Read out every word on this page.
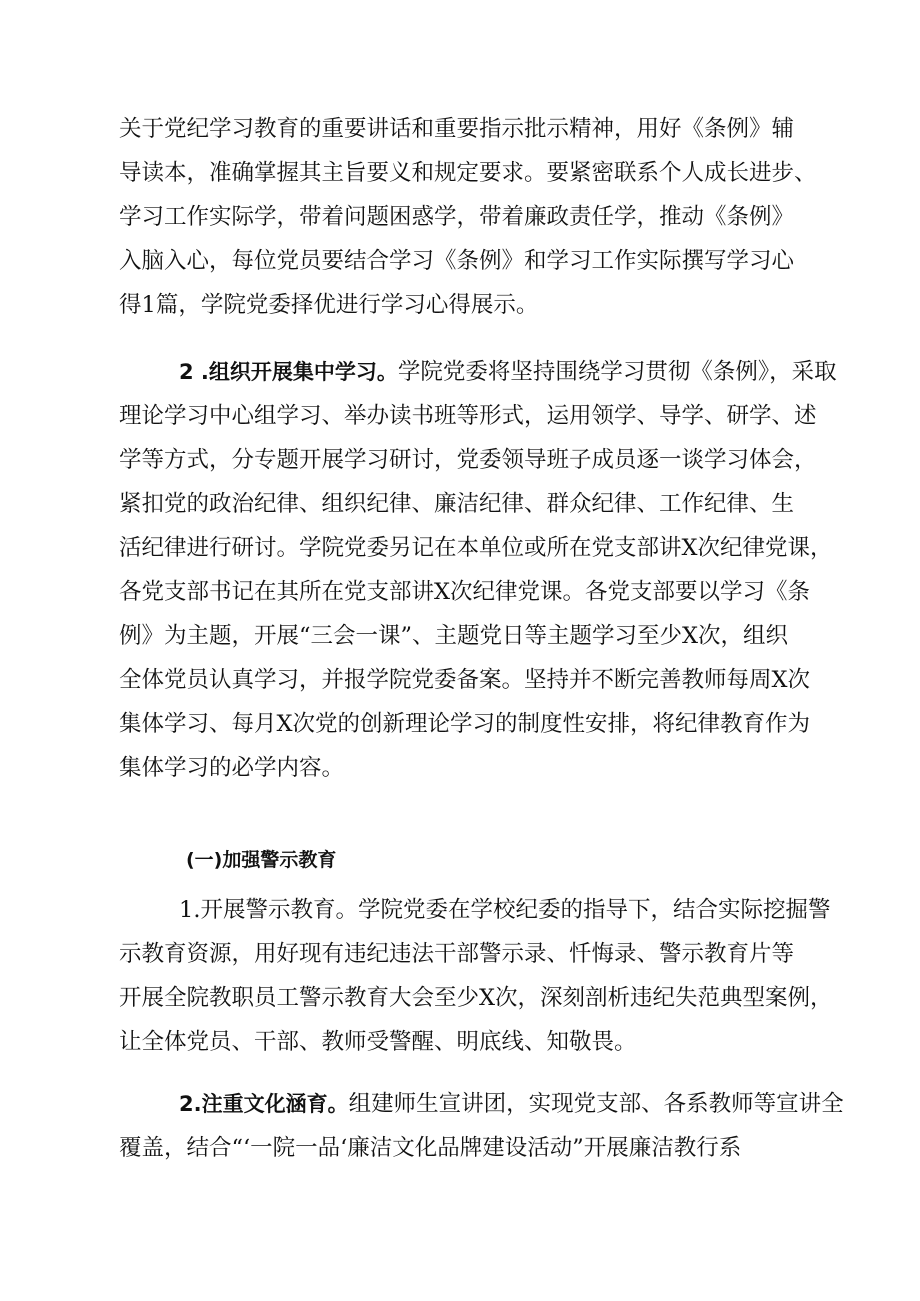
关于党纪学习教育的重要讲话和重要指示批示精神，用好《条例》辅
导读本，准确掌握其主旨要义和规定要求。要紧密联系个人成长进步、
学习工作实际学，带着问题困惑学，带着廉政责任学，推动《条例》
入脑入心，每位党员要结合学习《条例》和学习工作实际撰写学习心
得1篇，学院党委择优进行学习心得展示。

2 .组织开展集中学习。学院党委将坚持围绕学习贯彻《条例》，采取
理论学习中心组学习、举办读书班等形式，运用领学、导学、研学、述
学等方式，分专题开展学习研讨，党委领导班子成员逐一谈学习体会，
紧扣党的政治纪律、组织纪律、廉洁纪律、群众纪律、工作纪律、生
活纪律进行研讨。学院党委另记在本单位或所在党支部讲X次纪律党课，
各党支部书记在其所在党支部讲X次纪律党课。各党支部要以学习《条
例》为主题，开展“三会一课”、主题党日等主题学习至少X次，组织
全体党员认真学习，并报学院党委备案。坚持并不断完善教师每周X次
集体学习、每月X次党的创新理论学习的制度性安排，将纪律教育作为
集体学习的必学内容。

(一)加强警示教育

1.开展警示教育。学院党委在学校纪委的指导下，结合实际挖掘警
示教育资源，用好现有违纪违法干部警示录、忏悔录、警示教育片等
开展全院教职员工警示教育大会至少X次，深刻剖析违纪失范典型案例，
让全体党员、干部、教师受警醒、明底线、知敬畏。

2.注重文化涵育。组建师生宣讲团，实现党支部、各系教师等宣讲全
覆盖，结合“‘一院一品‘廉洁文化品牌建设活动”开展廉洁教行系
